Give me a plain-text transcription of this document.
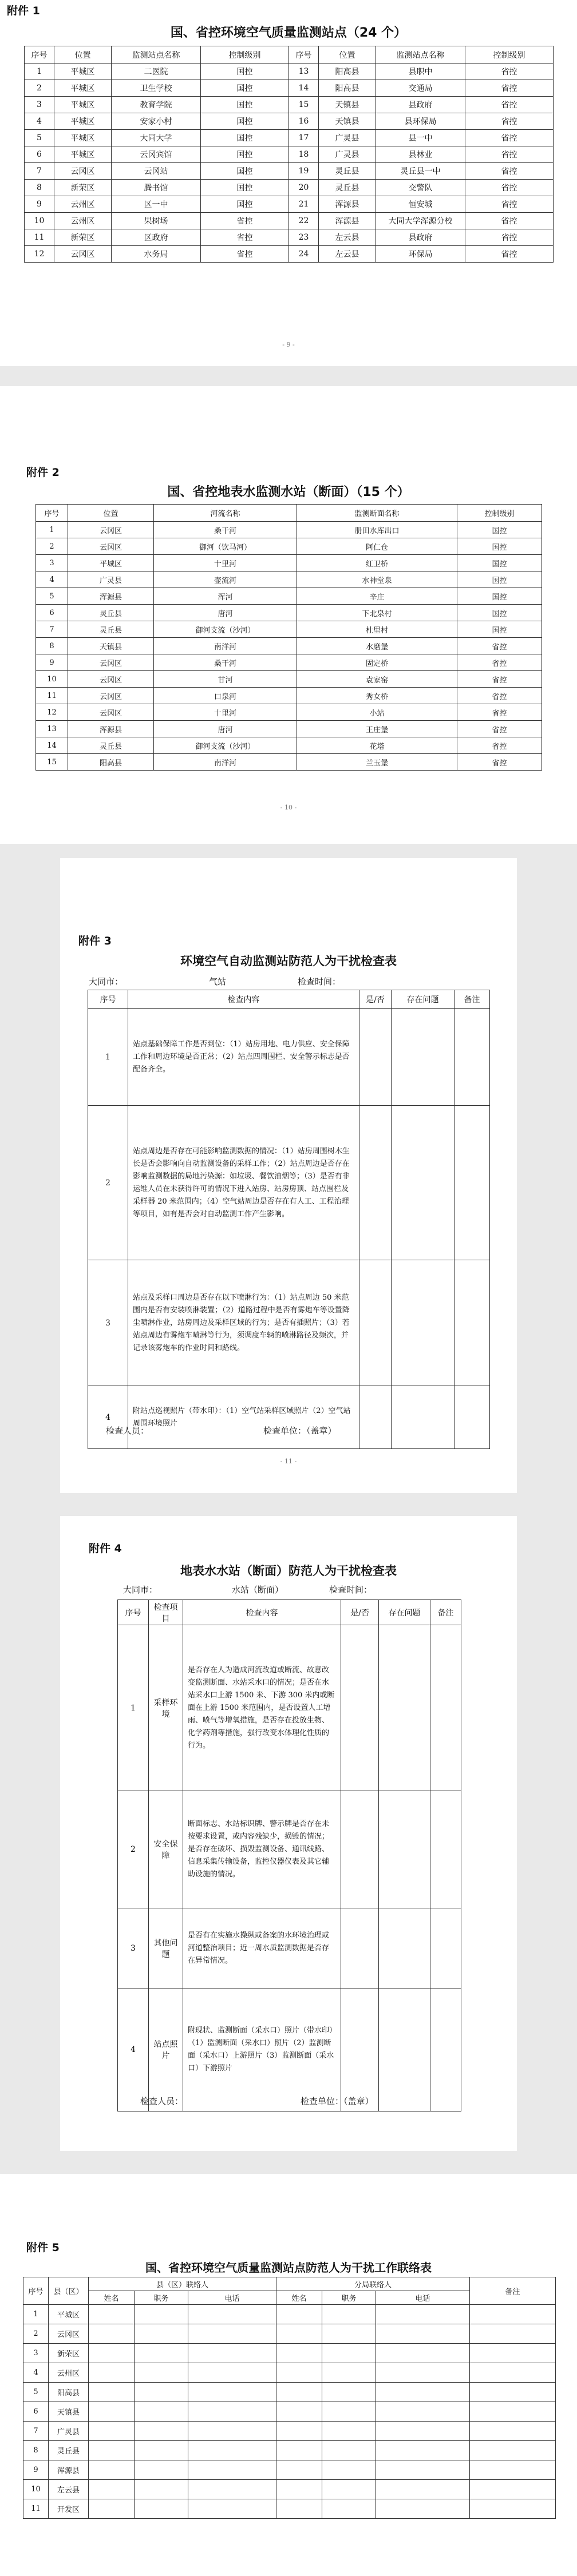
附件 1
国、省控环境空气质量监测站点（24 个）
序号	位置	监测站点名称	控制级别	序号	位置	监测站点名称	控制级别
1	平城区	二医院	国控	13	阳高县	县职中	省控
2	平城区	卫生学校	国控	14	阳高县	交通局	省控
3	平城区	教育学院	国控	15	天镇县	县政府	省控
4	平城区	安家小村	国控	16	天镇县	县环保局	省控
5	平城区	大同大学	国控	17	广灵县	县一中	省控
6	平城区	云冈宾馆	国控	18	广灵县	县林业	省控
7	云冈区	云冈站	国控	19	灵丘县	灵丘县一中	省控
8	新荣区	腾书馆	国控	20	灵丘县	交警队	省控
9	云州区	区一中	国控	21	浑源县	恒安城	省控
10	云州区	果树场	省控	22	浑源县	大同大学浑源分校	省控
11	新荣区	区政府	省控	23	左云县	县政府	省控
12	云冈区	水务局	省控	24	左云县	环保局	省控
- 9 -
附件 2
国、省控地表水监测水站（断面）（15 个）
序号	位置	河流名称	监测断面名称	控制级别
1	云冈区	桑干河	册田水库出口	国控
2	云冈区	御河（饮马河）	阿仁仓	国控
3	平城区	十里河	红卫桥	国控
4	广灵县	壶流河	水神堂泉	国控
5	浑源县	浑河	辛庄	国控
6	灵丘县	唐河	下北泉村	国控
7	灵丘县	御河支流（沙河）	杜里村	国控
8	天镇县	南洋河	水磨堡	省控
9	云冈区	桑干河	固定桥	省控
10	云冈区	甘河	袁家窑	省控
11	云冈区	口泉河	秀女桥	省控
12	云冈区	十里河	小站	省控
13	浑源县	唐河	王庄堡	省控
14	灵丘县	御河支流（沙河）	花塔	省控
15	阳高县	南洋河	兰玉堡	省控
- 10 -
附件 3
环境空气自动监测站防范人为干扰检查表
大同市：	气站	检查时间：
序号	检查内容	是/否	存在问题	备注
1	站点基础保障工作是否到位：（1）站房用地、电力供应、安全保障工作和周边环境是否正常；（2）站点四周围栏、安全警示标志是否配备齐全。			
2	站点周边是否存在可能影响监测数据的情况：（1）站房周围树木生长是否会影响向自动监测设备的采样工作；（2）站点周边是否存在影响监测数据的局地污染源：如垃圾、餐饮油烟等；（3）是否有非运维人员在未获得许可的情况下进入站房、站房房顶、站点围栏及采样器 20 米范围内；（4）空气站周边是否存在有人工、工程治理等项目，如有是否会对自动监测工作产生影响。			
3	站点及采样口周边是否存在以下喷淋行为：（1）站点周边 50 米范围内是否有安装喷淋装置；（2）道路过程中是否有雾炮车等设置降尘喷淋作业，站房周边及采样区域的行为；是否有插照片；（3）若站点周边有雾炮车喷淋等行为，须调度车辆的喷淋路径及频次，并记录该雾炮车的作业时间和路线。			
4	附站点巡视照片（带水印）：（1）空气站采样区域照片（2）空气站周围环境照片			
检查人员：	检查单位：（盖章）
- 11 -
附件 4
地表水水站（断面）防范人为干扰检查表
大同市：	水站（断面）	检查时间：
序号	检查项目	检查内容	是/否	存在问题	备注
1	采样环境	是否存在人为造成河流改道或断流、故意改变监测断面、水站采水口的情况；是否在水站采水口上游 1500 米、下游 300 米内或断面在上游 1500 米范围内，是否设置人工增雨、喷气等增氧措施，是否存在投放生物、化学药剂等措施，强行改变水体理化性质的行为。			
2	安全保障	断面标志、水站标识牌、警示牌是否存在未按要求设置，或内容残缺少，损毁的情况；是否存在破坏、损毁监测设备、通讯线路、信息采集传输设备，监控仪器仪表及其它辅助设施的情况。			
3	其他问题	是否有在实施水操纵或备案的水环境治理或河道整治项目；近一周水质监测数据是否存在异常情况。			
4	站点照片	附现状、监测断面（采水口）照片（带水印）（1）监测断面（采水口）照片（2）监测断面（采水口）上游照片（3）监测断面（采水口）下游照片			
检查人员：	检查单位：（盖章）
附件 5
国、省控环境空气质量监测站点防范人为干扰工作联络表
序号	县（区）	县（区）联络人			分局联络人			备注
		姓名	职务	电话	姓名	职务	电话	
1	平城区							
2	云冈区							
3	新荣区							
4	云州区							
5	阳高县							
6	天镇县							
7	广灵县							
8	灵丘县							
9	浑源县							
10	左云县							
11	开发区							
